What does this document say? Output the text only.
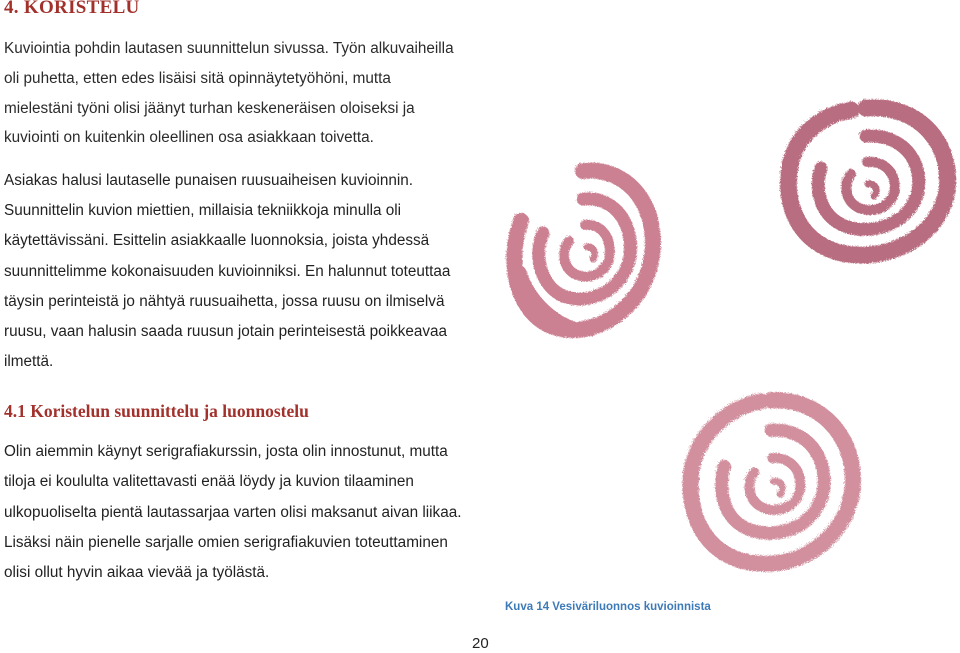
4. KORISTELU

Kuviointia pohdin lautasen suunnittelun sivussa. Työn alkuvaiheilla

oli puhetta, etten edes lisäisi sitä opinnäytetyöhöni, mutta

mielestäni työni olisi jäänyt turhan keskeneräisen oloiseksi ja

kuviointi on kuitenkin oleellinen osa asiakkaan toivetta.

Asiakas halusi lautaselle punaisen ruusuaiheisen kuvioinnin.

Suunnittelin kuvion miettien, millaisia tekniikkoja minulla oli

käytettävissäni. Esittelin asiakkaalle luonnoksia, joista yhdessä

suunnittelimme kokonaisuuden kuvioinniksi. En halunnut toteuttaa

täysin perinteistä jo nähtyä ruusuaihetta, jossa ruusu on ilmiselvä

ruusu, vaan halusin saada ruusun jotain perinteisestä poikkeavaa

ilmettä.

4.1 Koristelun suunnittelu ja luonnostelu

Olin aiemmin käynyt serigrafiakurssin, josta olin innostunut, mutta

tiloja ei koululta valitettavasti enää löydy ja kuvion tilaaminen

ulkopuoliselta pientä lautassarjaa varten olisi maksanut aivan liikaa.

Lisäksi näin pienelle sarjalle omien serigrafiakuvien toteuttaminen

olisi ollut hyvin aikaa vievää ja työlästä.

Kuva 14 Vesiväriluonnos kuvioinnista

20
